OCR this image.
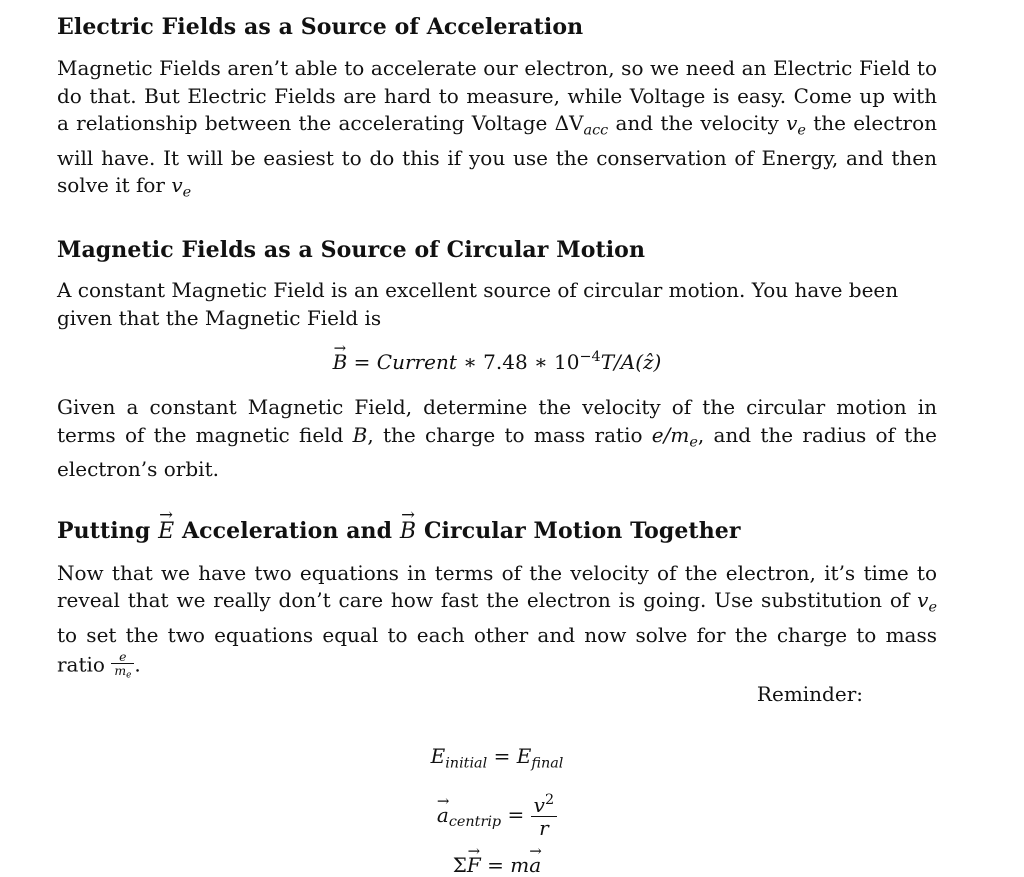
Electric Fields as a Source of Acceleration

Magnetic Fields aren’t able to accelerate our electron, so we need an Electric Field to do that. But Electric Fields are hard to measure, while Voltage is easy. Come up with a relationship between the accelerating Voltage $\Delta V_{acc}$ and the velocity $v_e$ the electron will have. It will be easiest to do this if you use the conservation of Energy, and then solve it for $v_e$

Magnetic Fields as a Source of Circular Motion

A constant Magnetic Field is an excellent source of circular motion. You have been given that the Magnetic Field is

B → = Current ∗ 7.48 ∗ $10^{-4}T/A(ẑ)$

Given a constant Magnetic Field, determine the velocity of the circular motion in terms of the magnetic field B, the charge to mass ratio $e/m_e$, and the radius of the electron’s orbit.

Putting E → Acceleration and B → Circular Motion Together

Now that we have two equations in terms of the velocity of the electron, it’s time to reveal that we really don’t care how fast the electron is going. Use substitution of $v_e$ to set the two equations equal to each other and now solve for the charge to mass ratio $\frac{e}{m_e}$ .

Reminder:
$E_{initial} = E_{final}$
$a \to_{centrip} = \frac{v^2}{r}$
ΣF → = ma →
